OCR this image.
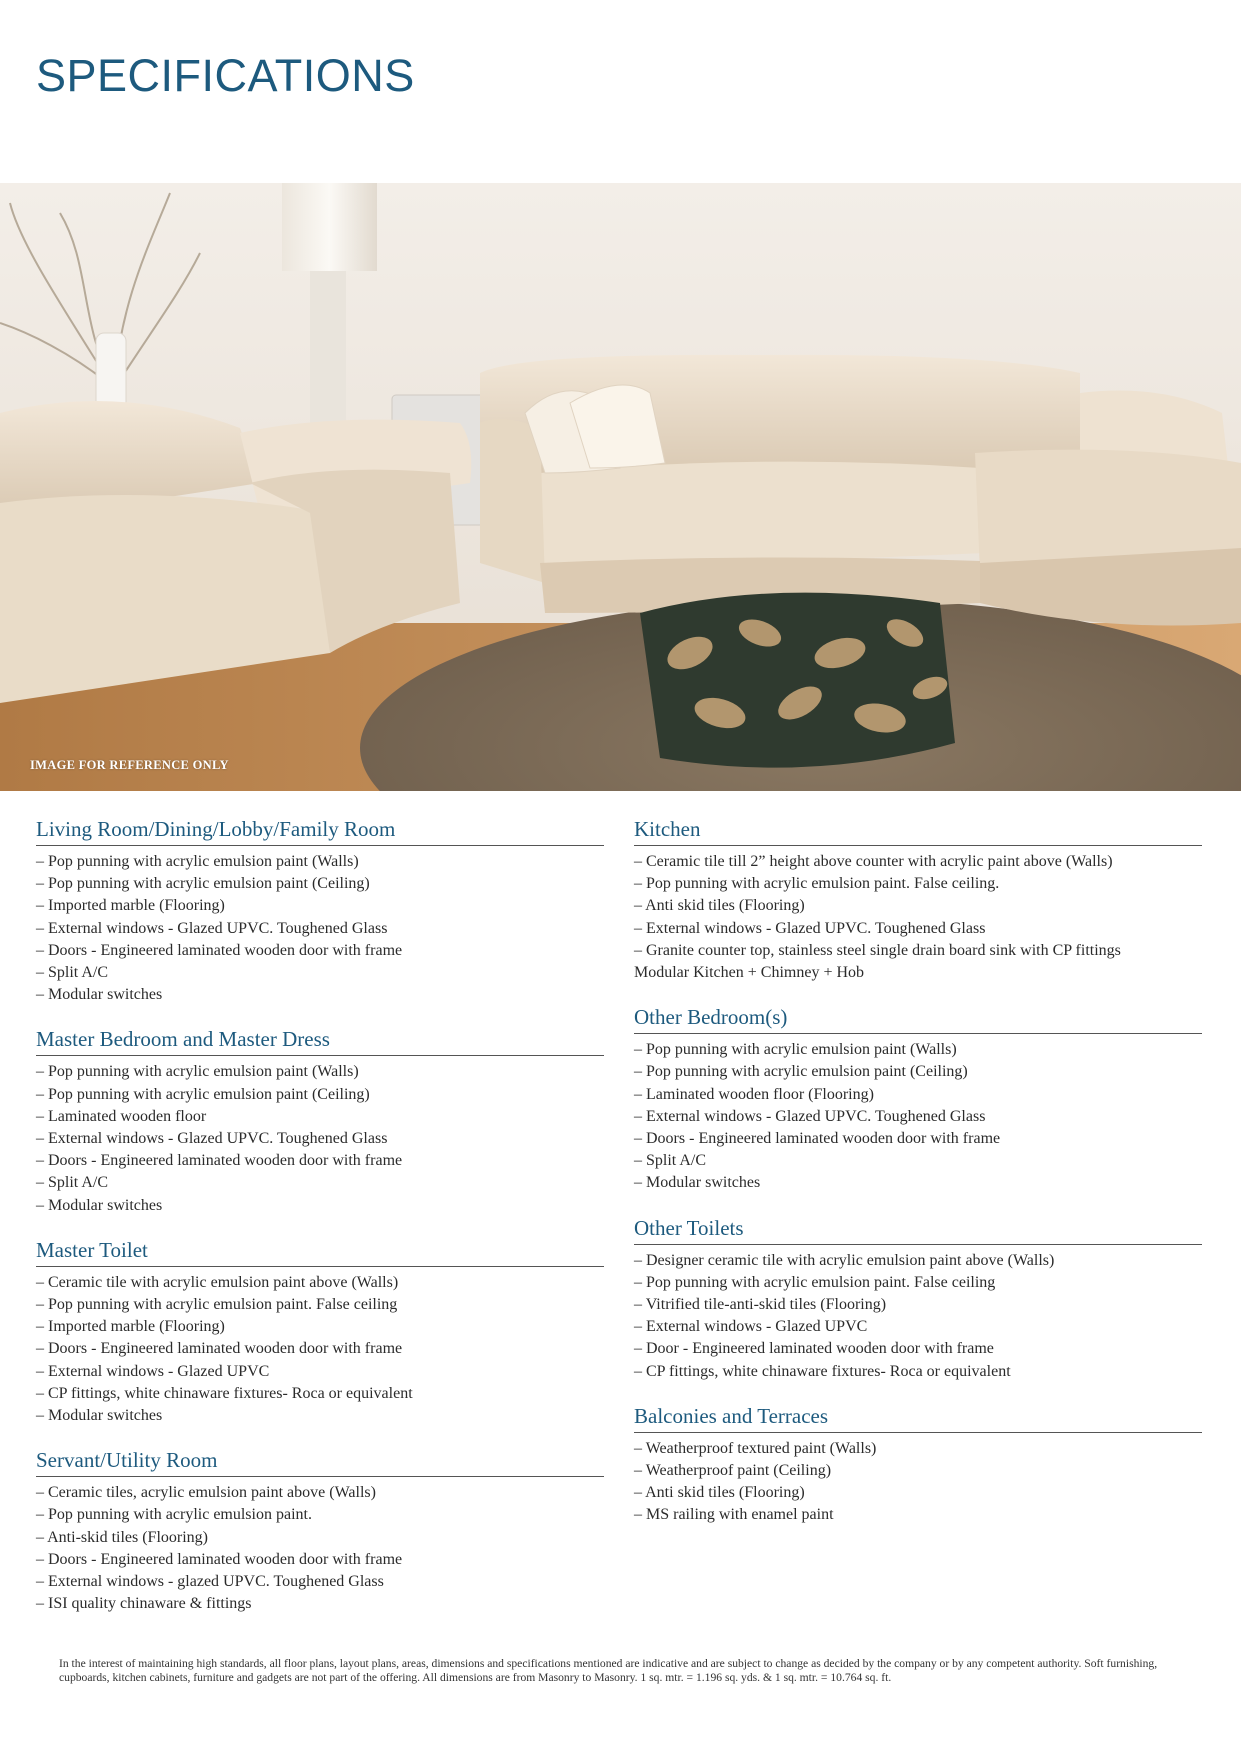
SPECIFICATIONS
IMAGE FOR REFERENCE ONLY
Living Room/Dining/Lobby/Family Room
– Pop punning with acrylic emulsion paint (Walls)
– Pop punning with acrylic emulsion paint (Ceiling)
– Imported marble (Flooring)
– External windows - Glazed UPVC. Toughened Glass
– Doors - Engineered laminated wooden door with frame
– Split A/C
– Modular switches
Master Bedroom and Master Dress
– Pop punning with acrylic emulsion paint (Walls)
– Pop punning with acrylic emulsion paint (Ceiling)
– Laminated wooden floor
– External windows - Glazed UPVC. Toughened Glass
– Doors - Engineered laminated wooden door with frame
– Split A/C
– Modular switches
Master Toilet
– Ceramic tile with acrylic emulsion paint above (Walls)
– Pop punning with acrylic emulsion paint. False ceiling
– Imported marble (Flooring)
– Doors - Engineered laminated wooden door with frame
– External windows - Glazed UPVC
– CP fittings, white chinaware fixtures- Roca or equivalent
– Modular switches
Servant/Utility Room
– Ceramic tiles, acrylic emulsion paint above (Walls)
– Pop punning with acrylic emulsion paint.
– Anti-skid tiles (Flooring)
– Doors - Engineered laminated wooden door with frame
– External windows - glazed UPVC. Toughened Glass
– ISI quality chinaware & fittings
Kitchen
– Ceramic tile till 2” height above counter with acrylic paint above (Walls)
– Pop punning with acrylic emulsion paint. False ceiling.
– Anti skid tiles (Flooring)
– External windows - Glazed UPVC. Toughened Glass
– Granite counter top, stainless steel single drain board sink with CP fittings
Modular Kitchen + Chimney + Hob
Other Bedroom(s)
– Pop punning with acrylic emulsion paint (Walls)
– Pop punning with acrylic emulsion paint (Ceiling)
– Laminated wooden floor (Flooring)
– External windows - Glazed UPVC. Toughened Glass
– Doors - Engineered laminated wooden door with frame
– Split A/C
– Modular switches
Other Toilets
– Designer ceramic tile with acrylic emulsion paint above (Walls)
– Pop punning with acrylic emulsion paint. False ceiling
– Vitrified tile-anti-skid tiles (Flooring)
– External windows - Glazed UPVC
– Door - Engineered laminated wooden door with frame
– CP fittings, white chinaware fixtures- Roca or equivalent
Balconies and Terraces
– Weatherproof textured paint (Walls)
– Weatherproof paint (Ceiling)
– Anti skid tiles (Flooring)
– MS railing with enamel paint

In the interest of maintaining high standards, all floor plans, layout plans, areas, dimensions and specifications mentioned are indicative and are subject to change as decided by the company or by any competent authority. Soft furnishing, cupboards, kitchen cabinets, furniture and gadgets are not part of the offering. All dimensions are from Masonry to Masonry. 1 sq. mtr. = 1.196 sq. yds. & 1 sq. mtr. = 10.764 sq. ft.
